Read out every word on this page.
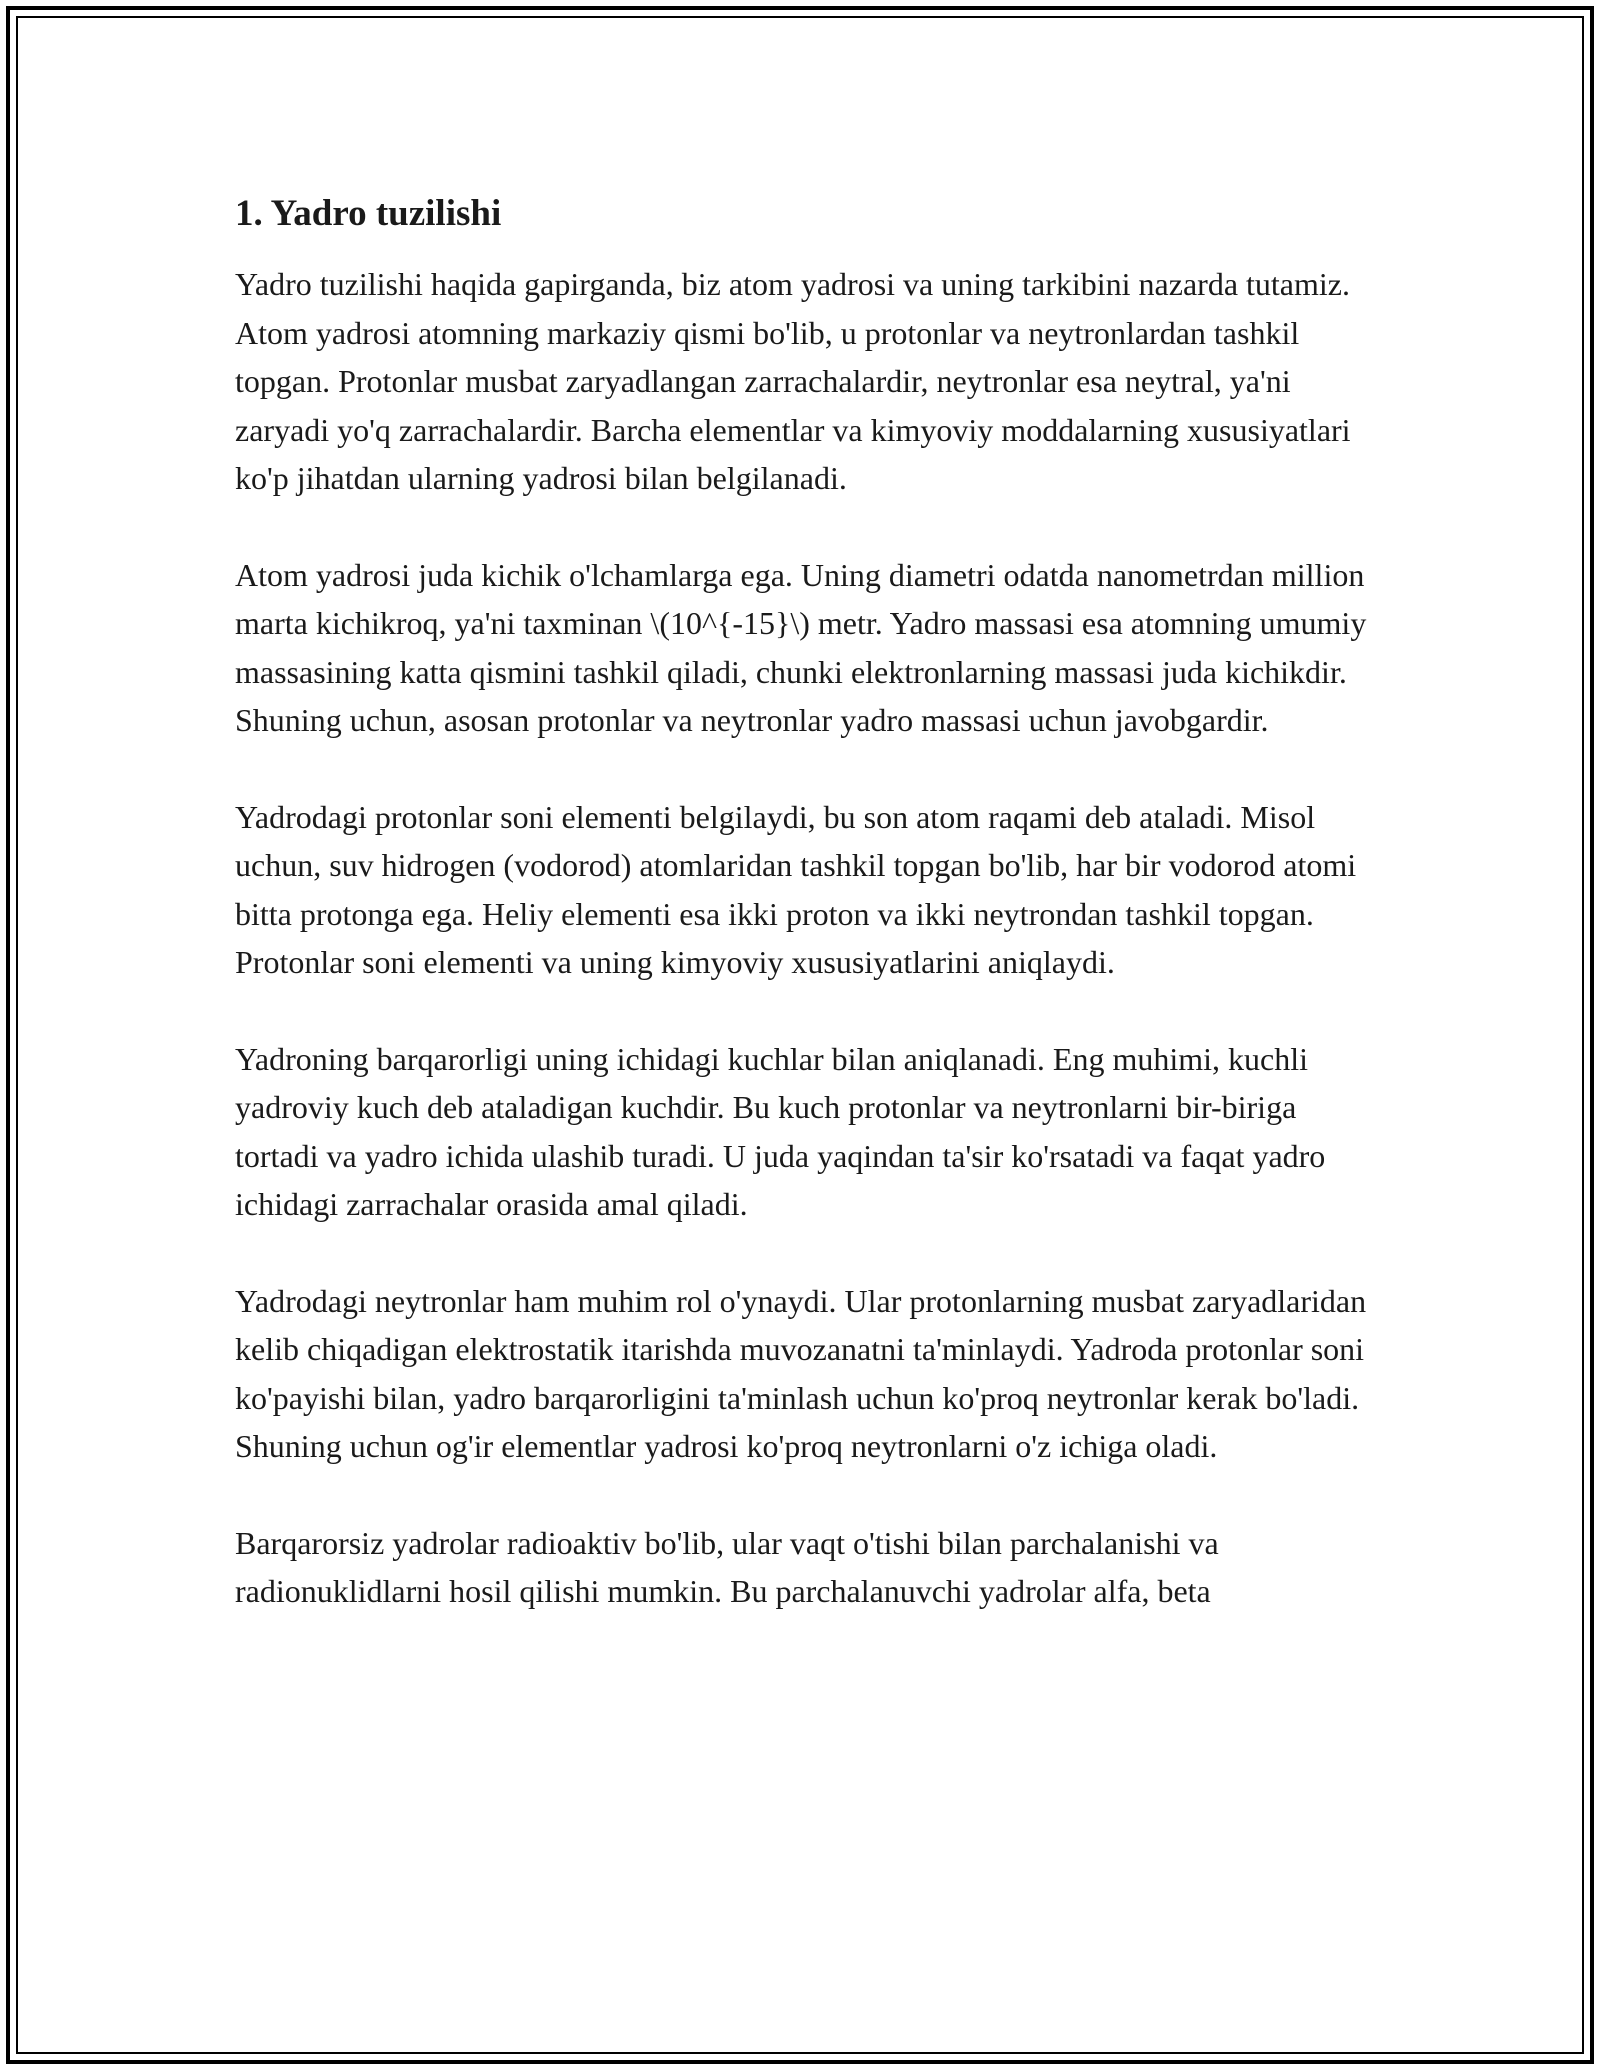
1. Yadro tuzilishi

Yadro tuzilishi haqida gapirganda, biz atom yadrosi va uning tarkibini nazarda tutamiz. Atom yadrosi atomning markaziy qismi bo'lib, u protonlar va neytronlardan tashkil topgan. Protonlar musbat zaryadlangan zarrachalardir, neytronlar esa neytral, ya'ni zaryadi yo'q zarrachalardir. Barcha elementlar va kimyoviy moddalarning xususiyatlari ko'p jihatdan ularning yadrosi bilan belgilanadi.

Atom yadrosi juda kichik o'lchamlarga ega. Uning diametri odatda nanometrdan million marta kichikroq, ya'ni taxminan \(10^{-15}\) metr. Yadro massasi esa atomning umumiy massasining katta qismini tashkil qiladi, chunki elektronlarning massasi juda kichikdir. Shuning uchun, asosan protonlar va neytronlar yadro massasi uchun javobgardir.

Yadrodagi protonlar soni elementi belgilaydi, bu son atom raqami deb ataladi. Misol uchun, suv hidrogen (vodorod) atomlaridan tashkil topgan bo'lib, har bir vodorod atomi bitta protonga ega. Heliy elementi esa ikki proton va ikki neytrondan tashkil topgan. Protonlar soni elementi va uning kimyoviy xususiyatlarini aniqlaydi.

Yadroning barqarorligi uning ichidagi kuchlar bilan aniqlanadi. Eng muhimi, kuchli yadroviy kuch deb ataladigan kuchdir. Bu kuch protonlar va neytronlarni bir-biriga tortadi va yadro ichida ulashib turadi. U juda yaqindan ta'sir ko'rsatadi va faqat yadro ichidagi zarrachalar orasida amal qiladi.

Yadrodagi neytronlar ham muhim rol o'ynaydi. Ular protonlarning musbat zaryadlaridan kelib chiqadigan elektrostatik itarishda muvozanatni ta'minlaydi. Yadroda protonlar soni ko'payishi bilan, yadro barqarorligini ta'minlash uchun ko'proq neytronlar kerak bo'ladi. Shuning uchun og'ir elementlar yadrosi ko'proq neytronlarni o'z ichiga oladi.

Barqarorsiz yadrolar radioaktiv bo'lib, ular vaqt o'tishi bilan parchalanishi va radionuklidlarni hosil qilishi mumkin. Bu parchalanuvchi yadrolar alfa, beta
